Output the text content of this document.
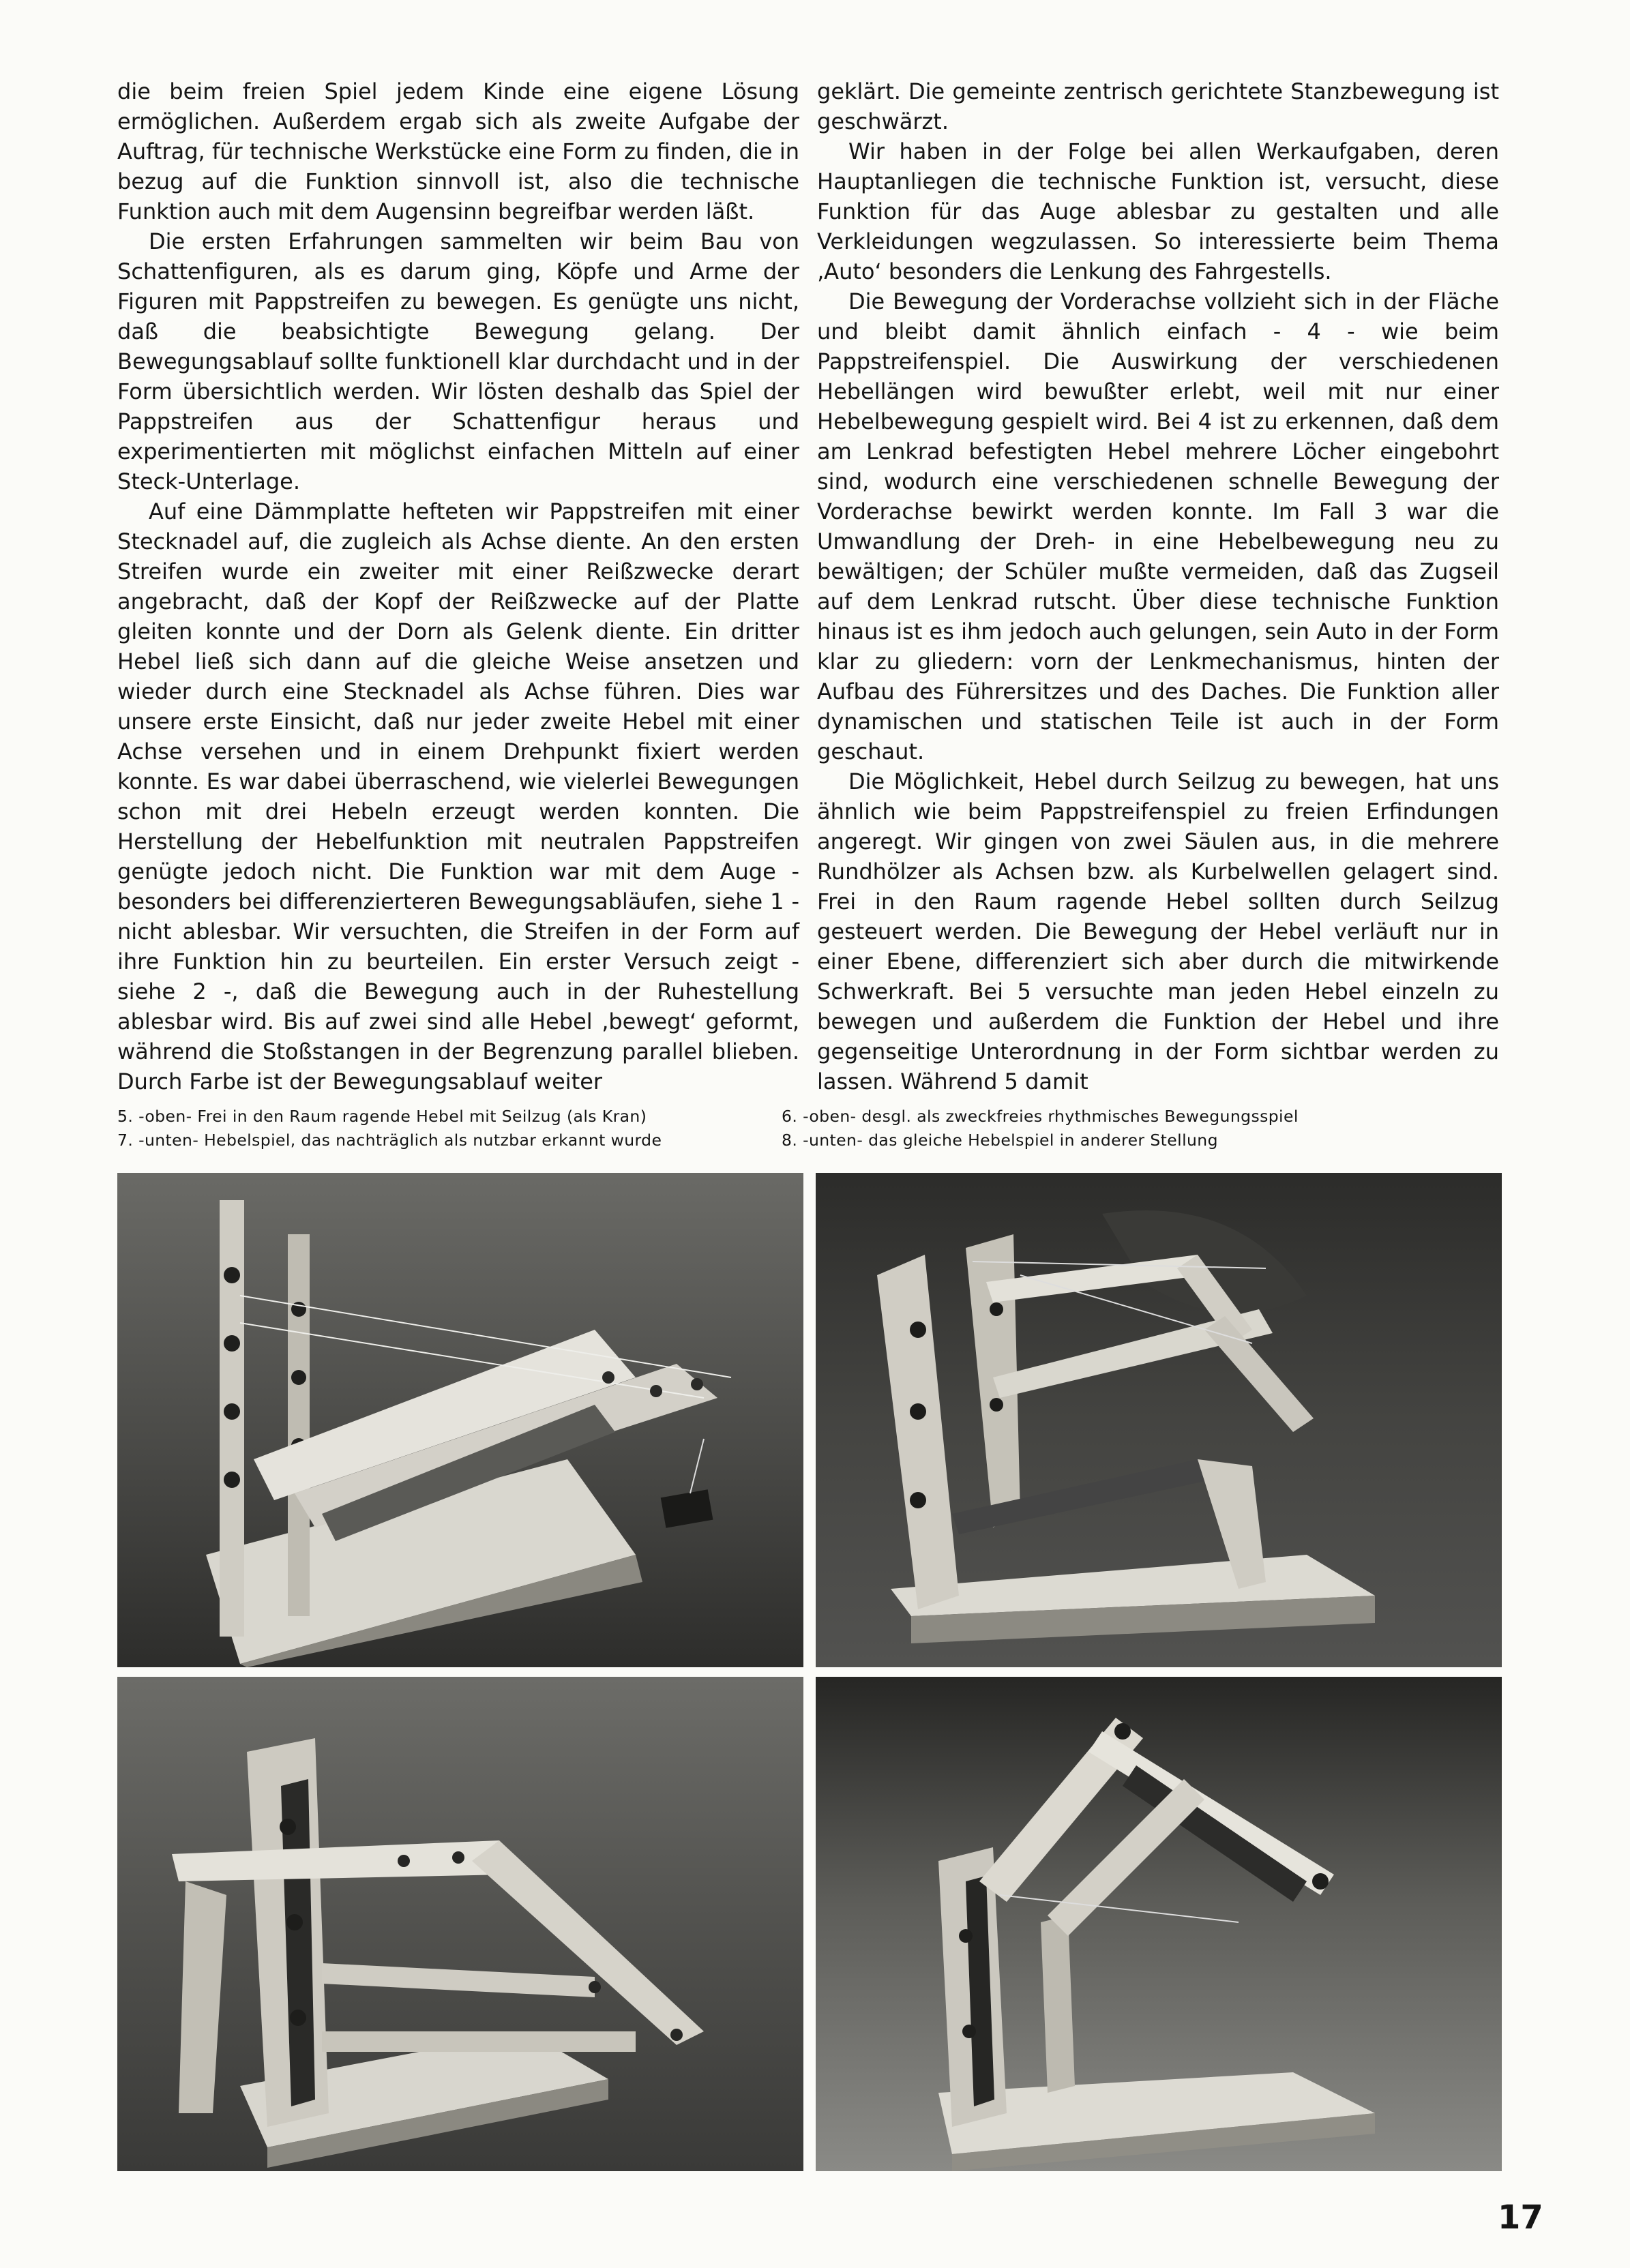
die beim freien Spiel jedem Kinde eine eigene Lösung ermöglichen. Außerdem ergab sich als zweite Aufgabe der Auftrag, für technische Werkstücke eine Form zu finden, die in bezug auf die Funktion sinnvoll ist, also die technische Funktion auch mit dem Augensinn begreifbar werden läßt.

Die ersten Erfahrungen sammelten wir beim Bau von Schattenfiguren, als es darum ging, Köpfe und Arme der Figuren mit Pappstreifen zu bewegen. Es genügte uns nicht, daß die beabsichtigte Bewegung gelang. Der Bewegungsablauf sollte funktionell klar durchdacht und in der Form übersichtlich werden. Wir lösten deshalb das Spiel der Pappstreifen aus der Schattenfigur heraus und experimentierten mit möglichst einfachen Mitteln auf einer Steck-Unterlage.

Auf eine Dämmplatte hefteten wir Pappstreifen mit einer Stecknadel auf, die zugleich als Achse diente. An den ersten Streifen wurde ein zweiter mit einer Reißzwecke derart angebracht, daß der Kopf der Reißzwecke auf der Platte gleiten konnte und der Dorn als Gelenk diente. Ein dritter Hebel ließ sich dann auf die gleiche Weise ansetzen und wieder durch eine Stecknadel als Achse führen. Dies war unsere erste Einsicht, daß nur jeder zweite Hebel mit einer Achse versehen und in einem Drehpunkt fixiert werden konnte. Es war dabei überraschend, wie vielerlei Bewegungen schon mit drei Hebeln erzeugt werden konnten. Die Herstellung der Hebelfunktion mit neutralen Pappstreifen genügte jedoch nicht. Die Funktion war mit dem Auge - besonders bei differenzierteren Bewegungsabläufen, siehe 1 - nicht ablesbar. Wir versuchten, die Streifen in der Form auf ihre Funktion hin zu beurteilen. Ein erster Versuch zeigt - siehe 2 -, daß die Bewegung auch in der Ruhestellung ablesbar wird. Bis auf zwei sind alle Hebel ‚bewegt‘ geformt, während die Stoßstangen in der Begrenzung parallel blieben. Durch Farbe ist der Bewegungsablauf weiter

geklärt. Die gemeinte zentrisch gerichtete Stanzbewegung ist geschwärzt.

Wir haben in der Folge bei allen Werkaufgaben, deren Hauptanliegen die technische Funktion ist, versucht, diese Funktion für das Auge ablesbar zu gestalten und alle Verkleidungen wegzulassen. So interessierte beim Thema ‚Auto‘ besonders die Lenkung des Fahrgestells.

Die Bewegung der Vorderachse vollzieht sich in der Fläche und bleibt damit ähnlich einfach - 4 - wie beim Pappstreifenspiel. Die Auswirkung der verschiedenen Hebellängen wird bewußter erlebt, weil mit nur einer Hebelbewegung gespielt wird. Bei 4 ist zu erkennen, daß dem am Lenkrad befestigten Hebel mehrere Löcher eingebohrt sind, wodurch eine verschiedenen schnelle Bewegung der Vorderachse bewirkt werden konnte. Im Fall 3 war die Umwandlung der Dreh- in eine Hebelbewegung neu zu bewältigen; der Schüler mußte vermeiden, daß das Zugseil auf dem Lenkrad rutscht. Über diese technische Funktion hinaus ist es ihm jedoch auch gelungen, sein Auto in der Form klar zu gliedern: vorn der Lenkmechanismus, hinten der Aufbau des Führersitzes und des Daches. Die Funktion aller dynamischen und statischen Teile ist auch in der Form geschaut.

Die Möglichkeit, Hebel durch Seilzug zu bewegen, hat uns ähnlich wie beim Pappstreifenspiel zu freien Erfindungen angeregt. Wir gingen von zwei Säulen aus, in die mehrere Rundhölzer als Achsen bzw. als Kurbelwellen gelagert sind. Frei in den Raum ragende Hebel sollten durch Seilzug gesteuert werden. Die Bewegung der Hebel verläuft nur in einer Ebene, differenziert sich aber durch die mitwirkende Schwerkraft. Bei 5 versuchte man jeden Hebel einzeln zu bewegen und außerdem die Funktion der Hebel und ihre gegenseitige Unterordnung in der Form sichtbar werden zu lassen. Während 5 damit

5. -oben- Frei in den Raum ragende Hebel mit Seilzug (als Kran)
7. -unten- Hebelspiel, das nachträglich als nutzbar erkannt wurde
6. -oben- desgl. als zweckfreies rhythmisches Bewegungsspiel
8. -unten- das gleiche Hebelspiel in anderer Stellung
17
